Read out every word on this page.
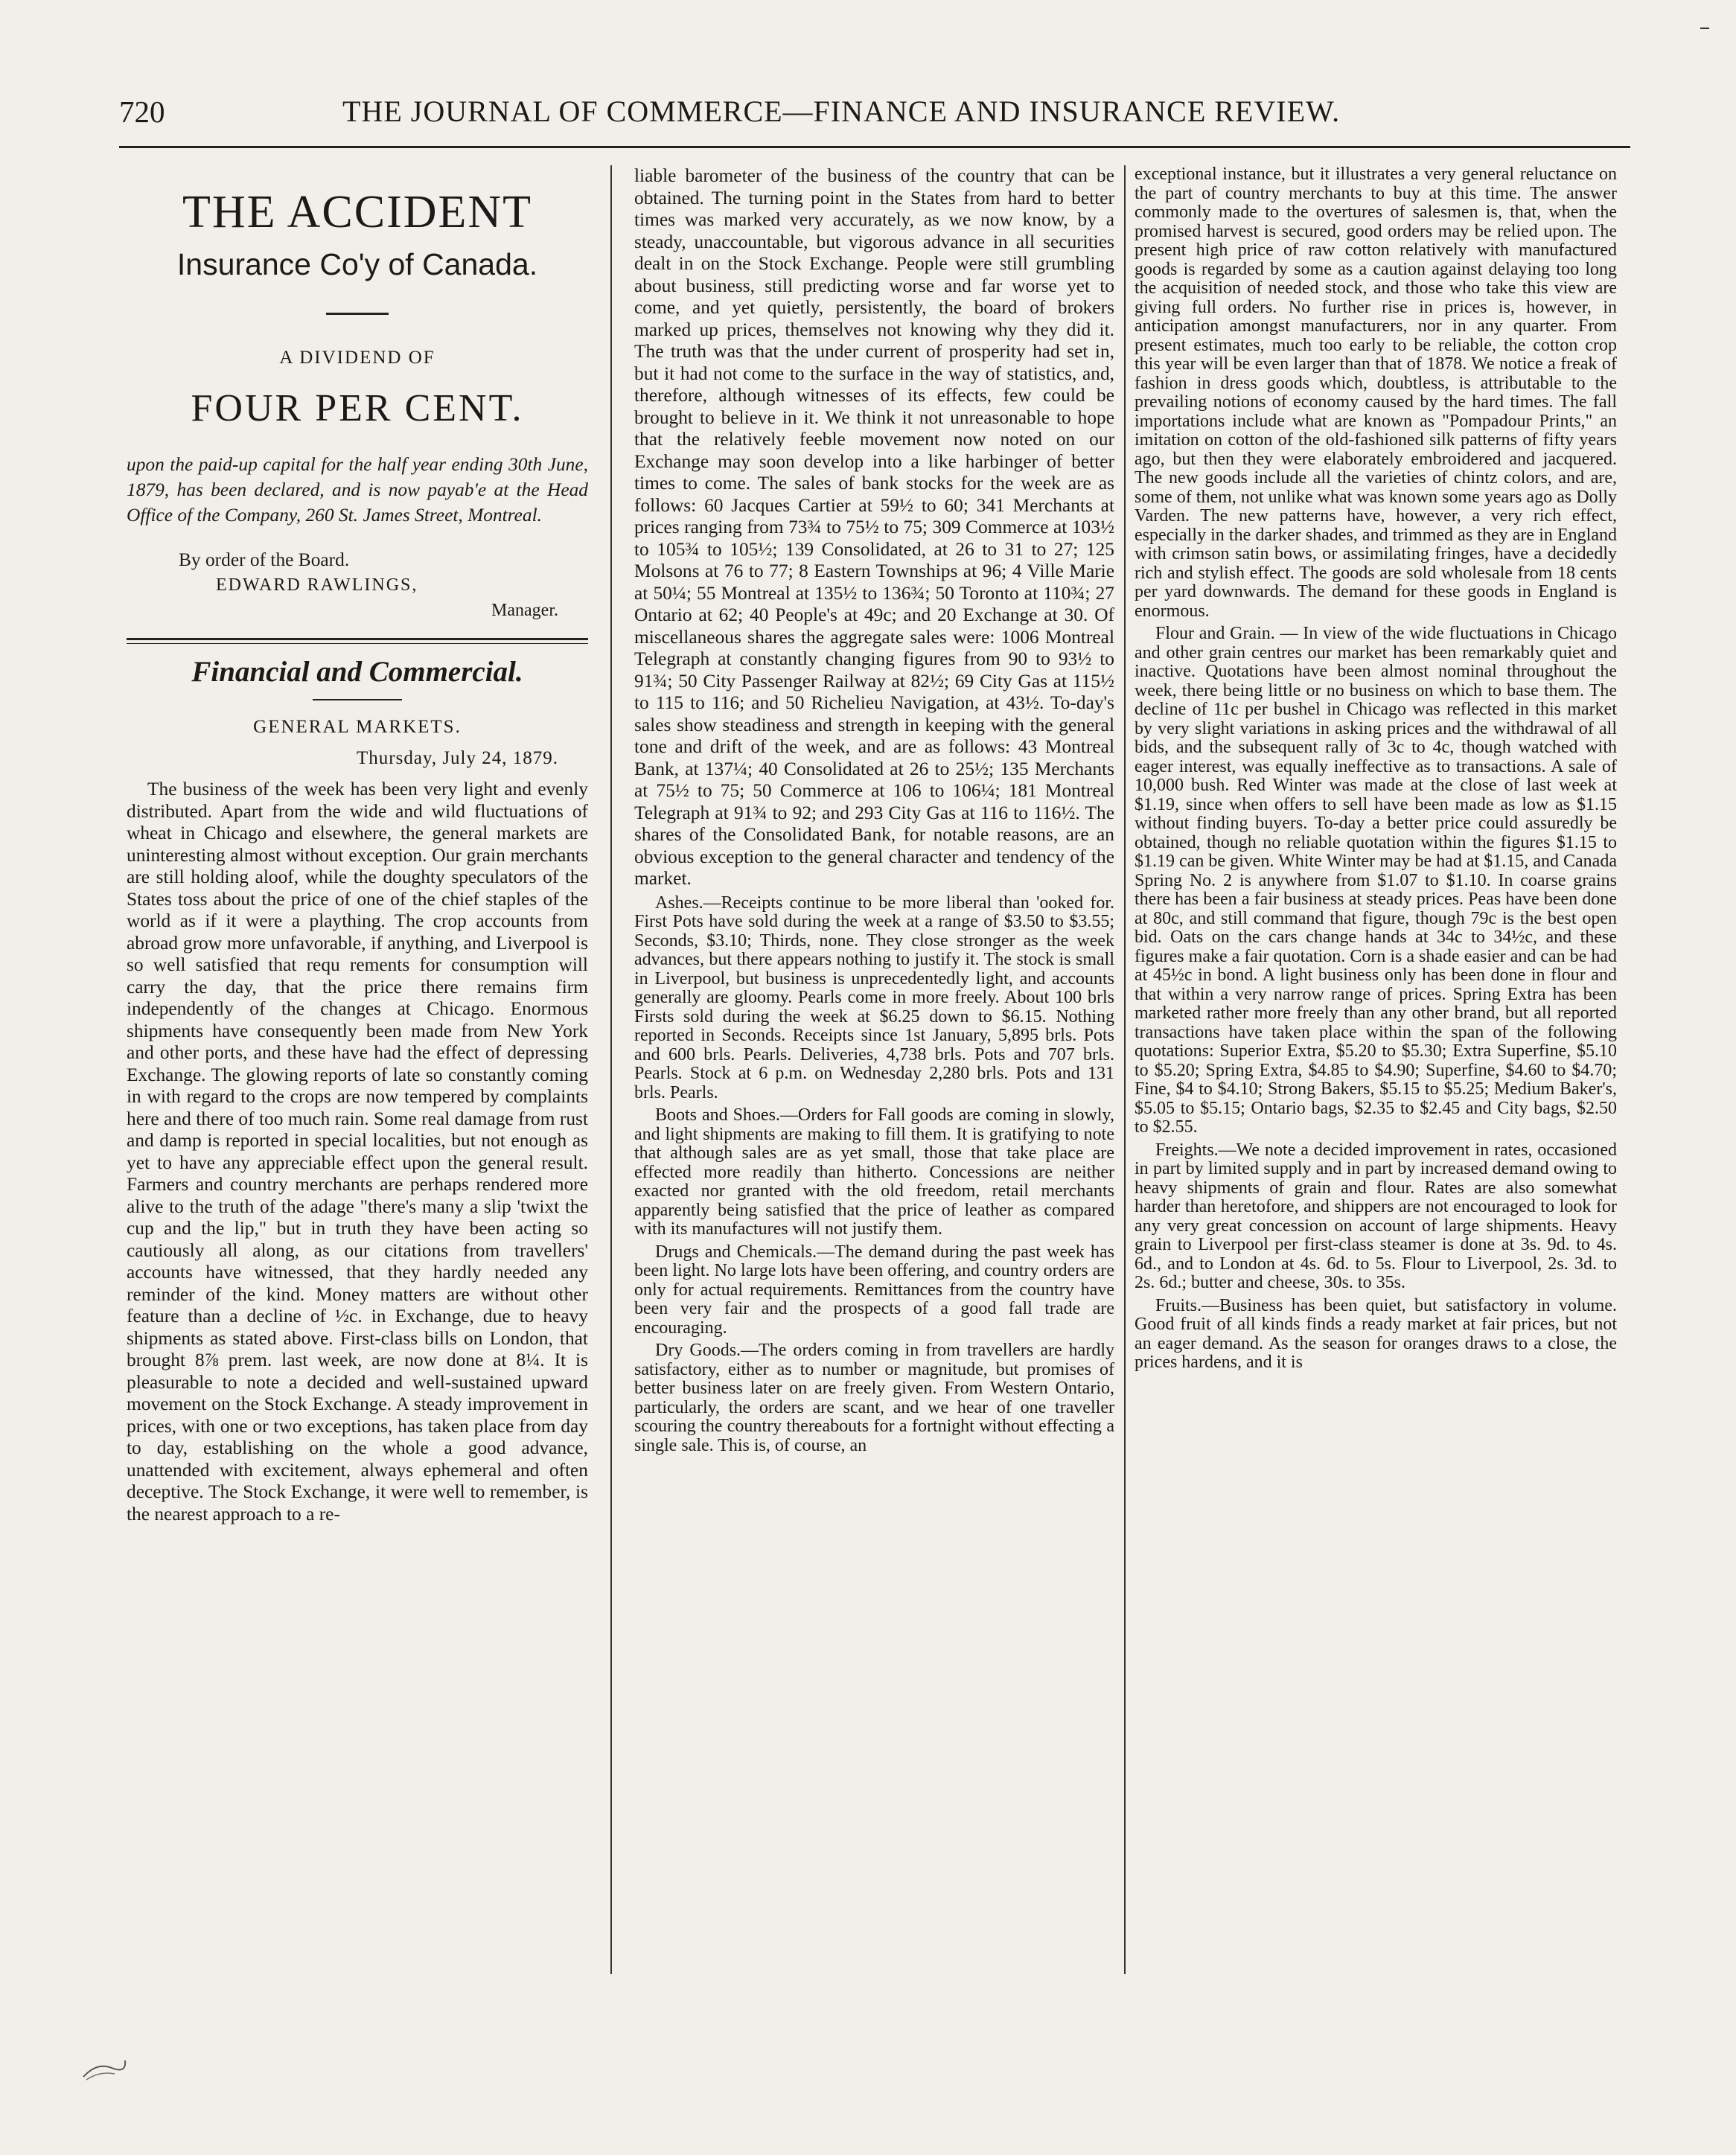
720	THE JOURNAL OF COMMERCE—FINANCE AND INSURANCE REVIEW.
THE ACCIDENT
Insurance Co'y of Canada.
A DIVIDEND OF
FOUR PER CENT.
upon the paid-up capital for the half year ending 30th June, 1879, has been declared, and is now payab'e at the Head Office of the Company, 260 St. James Street, Montreal.
By order of the Board.
EDWARD RAWLINGS,
Manager.
Financial and Commercial.
GENERAL MARKETS.
Thursday, July 24, 1879.

The business of the week has been very light and evenly distributed. Apart from the wide and wild fluctuations of wheat in Chicago and elsewhere, the general markets are uninteresting almost without exception. Our grain merchants are still holding aloof, while the doughty speculators of the States toss about the price of one of the chief staples of the world as if it were a plaything. The crop accounts from abroad grow more unfavorable, if anything, and Liverpool is so well satisfied that requ rements for consumption will carry the day, that the price there remains firm independently of the changes at Chicago. Enormous shipments have consequently been made from New York and other ports, and these have had the effect of depressing Exchange. The glowing reports of late so constantly coming in with regard to the crops are now tempered by complaints here and there of too much rain. Some real damage from rust and damp is reported in special localities, but not enough as yet to have any appreciable effect upon the general result. Farmers and country merchants are perhaps rendered more alive to the truth of the adage "there's many a slip 'twixt the cup and the lip," but in truth they have been acting so cautiously all along, as our citations from travellers' accounts have witnessed, that they hardly needed any reminder of the kind. Money matters are without other feature than a decline of ½c. in Exchange, due to heavy shipments as stated above. First-class bills on London, that brought 8⅞ prem. last week, are now done at 8¼. It is pleasurable to note a decided and well-sustained upward movement on the Stock Exchange. A steady improvement in prices, with one or two exceptions, has taken place from day to day, establishing on the whole a good advance, unattended with excitement, always ephemeral and often deceptive. The Stock Exchange, it were well to remember, is the nearest approach to a re-

liable barometer of the business of the country that can be obtained. The turning point in the States from hard to better times was marked very accurately, as we now know, by a steady, unaccountable, but vigorous advance in all securities dealt in on the Stock Exchange. People were still grumbling about business, still predicting worse and far worse yet to come, and yet quietly, persistently, the board of brokers marked up prices, themselves not knowing why they did it. The truth was that the under current of prosperity had set in, but it had not come to the surface in the way of statistics, and, therefore, although witnesses of its effects, few could be brought to believe in it. We think it not unreasonable to hope that the relatively feeble movement now noted on our Exchange may soon develop into a like harbinger of better times to come. The sales of bank stocks for the week are as follows: 60 Jacques Cartier at 59½ to 60; 341 Merchants at prices ranging from 73¾ to 75½ to 75; 309 Commerce at 103½ to 105¾ to 105½; 139 Consolidated, at 26 to 31 to 27; 125 Molsons at 76 to 77; 8 Eastern Townships at 96; 4 Ville Marie at 50¼; 55 Montreal at 135½ to 136¾; 50 Toronto at 110¾; 27 Ontario at 62; 40 People's at 49c; and 20 Exchange at 30. Of miscellaneous shares the aggregate sales were: 1006 Montreal Telegraph at constantly changing figures from 90 to 93½ to 91¾; 50 City Passenger Railway at 82½; 69 City Gas at 115½ to 115 to 116; and 50 Richelieu Navigation, at 43½. To-day's sales show steadiness and strength in keeping with the general tone and drift of the week, and are as follows: 43 Montreal Bank, at 137¼; 40 Consolidated at 26 to 25½; 135 Merchants at 75½ to 75; 50 Commerce at 106 to 106¼; 181 Montreal Telegraph at 91¾ to 92; and 293 City Gas at 116 to 116½. The shares of the Consolidated Bank, for notable reasons, are an obvious exception to the general character and tendency of the market.

Ashes.—Receipts continue to be more liberal than 'ooked for. First Pots have sold during the week at a range of $3.50 to $3.55; Seconds, $3.10; Thirds, none. They close stronger as the week advances, but there appears nothing to justify it. The stock is small in Liverpool, but business is unprecedentedly light, and accounts generally are gloomy. Pearls come in more freely. About 100 brls Firsts sold during the week at $6.25 down to $6.15. Nothing reported in Seconds. Receipts since 1st January, 5,895 brls. Pots and 600 brls. Pearls. Deliveries, 4,738 brls. Pots and 707 brls. Pearls. Stock at 6 p.m. on Wednesday 2,280 brls. Pots and 131 brls. Pearls.

Boots and Shoes.—Orders for Fall goods are coming in slowly, and light shipments are making to fill them. It is gratifying to note that although sales are as yet small, those that take place are effected more readily than hitherto. Concessions are neither exacted nor granted with the old freedom, retail merchants apparently being satisfied that the price of leather as compared with its manufactures will not justify them.

Drugs and Chemicals.—The demand during the past week has been light. No large lots have been offering, and country orders are only for actual requirements. Remittances from the country have been very fair and the prospects of a good fall trade are encouraging.

Dry Goods.—The orders coming in from travellers are hardly satisfactory, either as to number or magnitude, but promises of better business later on are freely given. From Western Ontario, particularly, the orders are scant, and we hear of one traveller scouring the country thereabouts for a fortnight without effecting a single sale. This is, of course, an

exceptional instance, but it illustrates a very general reluctance on the part of country merchants to buy at this time. The answer commonly made to the overtures of salesmen is, that, when the promised harvest is secured, good orders may be relied upon. The present high price of raw cotton relatively with manufactured goods is regarded by some as a caution against delaying too long the acquisition of needed stock, and those who take this view are giving full orders. No further rise in prices is, however, in anticipation amongst manufacturers, nor in any quarter. From present estimates, much too early to be reliable, the cotton crop this year will be even larger than that of 1878. We notice a freak of fashion in dress goods which, doubtless, is attributable to the prevailing notions of economy caused by the hard times. The fall importations include what are known as "Pompadour Prints," an imitation on cotton of the old-fashioned silk patterns of fifty years ago, but then they were elaborately embroidered and jacquered. The new goods include all the varieties of chintz colors, and are, some of them, not unlike what was known some years ago as Dolly Varden. The new patterns have, however, a very rich effect, especially in the darker shades, and trimmed as they are in England with crimson satin bows, or assimilating fringes, have a decidedly rich and stylish effect. The goods are sold wholesale from 18 cents per yard downwards. The demand for these goods in England is enormous.

Flour and Grain. — In view of the wide fluctuations in Chicago and other grain centres our market has been remarkably quiet and inactive. Quotations have been almost nominal throughout the week, there being little or no business on which to base them. The decline of 11c per bushel in Chicago was reflected in this market by very slight variations in asking prices and the withdrawal of all bids, and the subsequent rally of 3c to 4c, though watched with eager interest, was equally ineffective as to transactions. A sale of 10,000 bush. Red Winter was made at the close of last week at $1.19, since when offers to sell have been made as low as $1.15 without finding buyers. To-day a better price could assuredly be obtained, though no reliable quotation within the figures $1.15 to $1.19 can be given. White Winter may be had at $1.15, and Canada Spring No. 2 is anywhere from $1.07 to $1.10. In coarse grains there has been a fair business at steady prices. Peas have been done at 80c, and still command that figure, though 79c is the best open bid. Oats on the cars change hands at 34c to 34½c, and these figures make a fair quotation. Corn is a shade easier and can be had at 45½c in bond. A light business only has been done in flour and that within a very narrow range of prices. Spring Extra has been marketed rather more freely than any other brand, but all reported transactions have taken place within the span of the following quotations: Superior Extra, $5.20 to $5.30; Extra Superfine, $5.10 to $5.20; Spring Extra, $4.85 to $4.90; Superfine, $4.60 to $4.70; Fine, $4 to $4.10; Strong Bakers, $5.15 to $5.25; Medium Baker's, $5.05 to $5.15; Ontario bags, $2.35 to $2.45 and City bags, $2.50 to $2.55.

Freights.—We note a decided improvement in rates, occasioned in part by limited supply and in part by increased demand owing to heavy shipments of grain and flour. Rates are also somewhat harder than heretofore, and shippers are not encouraged to look for any very great concession on account of large shipments. Heavy grain to Liverpool per first-class steamer is done at 3s. 9d. to 4s. 6d., and to London at 4s. 6d. to 5s. Flour to Liverpool, 2s. 3d. to 2s. 6d.; butter and cheese, 30s. to 35s.

Fruits.—Business has been quiet, but satisfactory in volume. Good fruit of all kinds finds a ready market at fair prices, but not an eager demand. As the season for oranges draws to a close, the prices hardens, and it is
